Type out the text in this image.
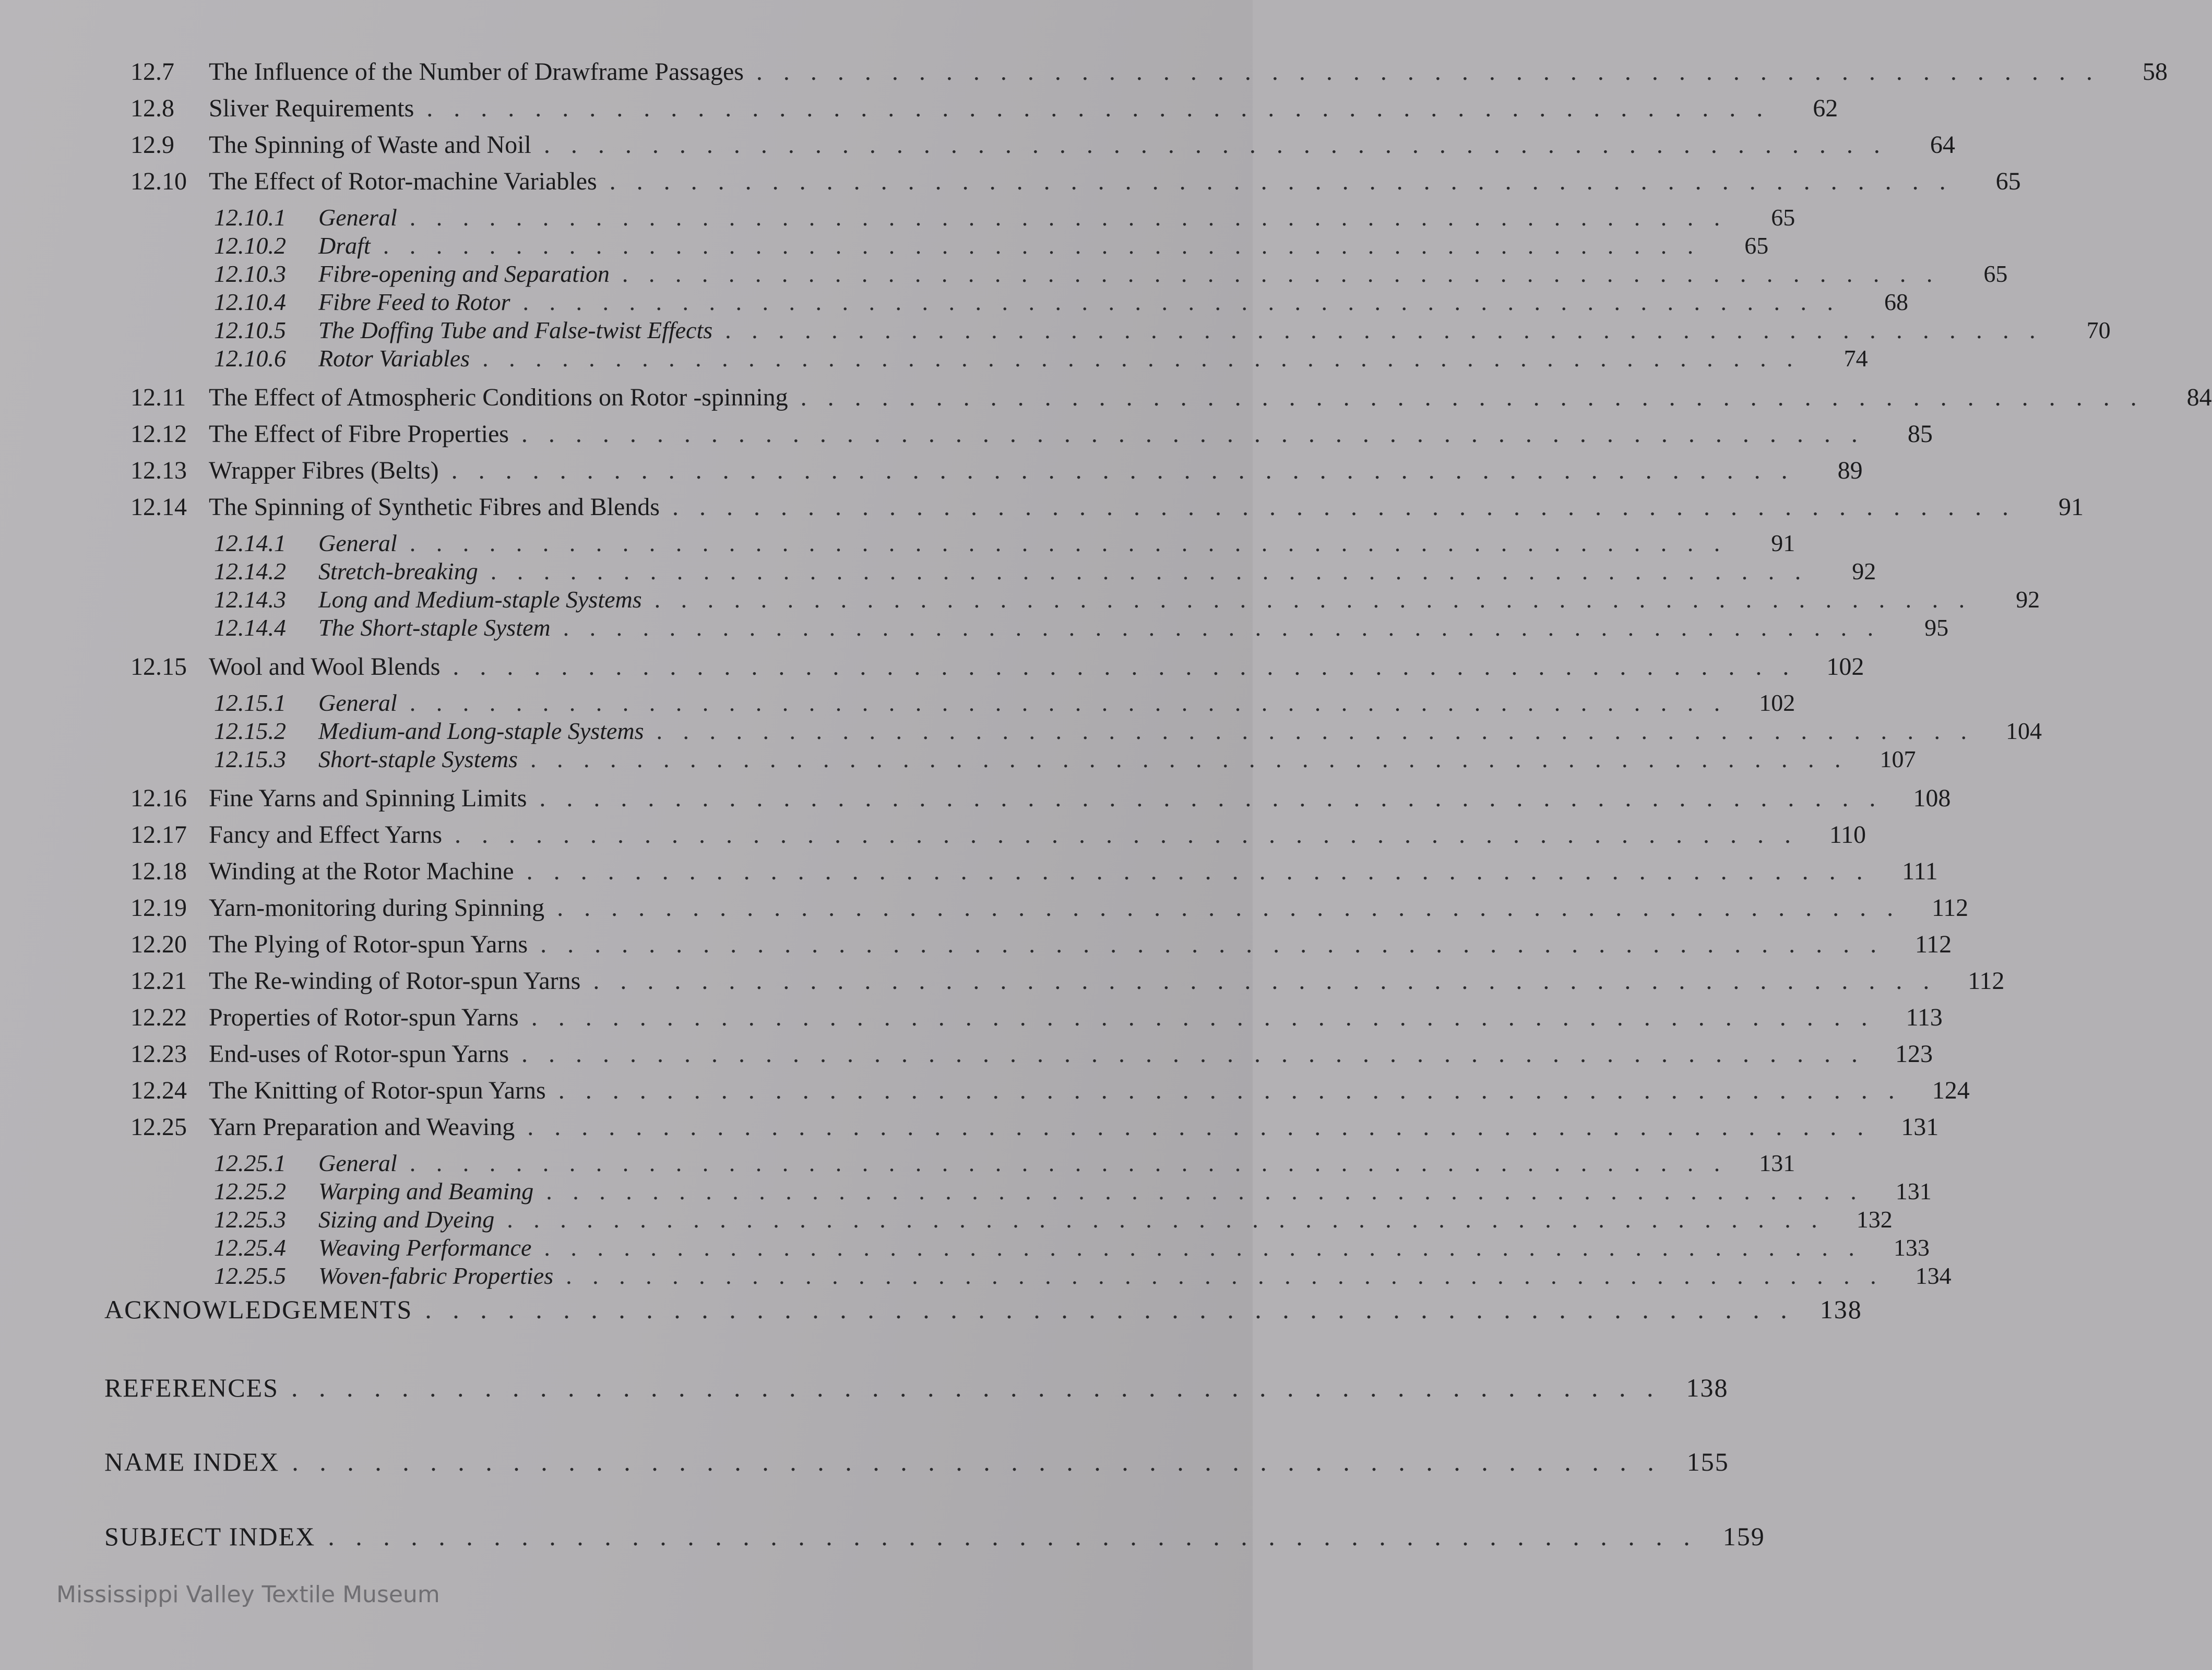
12.7	The Influence of the Number of Drawframe Passages . . . . . . . . . . . . . . . . . . . . . . . . . . . . . . . . . . . . . . . . . . . . . . . . . .	58
12.8	Sliver Requirements . . . . . . . . . . . . . . . . . . . . . . . . . . . . . . . . . . . . . . . . . . . . . . . . . .	62
12.9	The Spinning of Waste and Noil . . . . . . . . . . . . . . . . . . . . . . . . . . . . . . . . . . . . . . . . . . . . . . . . . .	64
12.10 The Effect of Rotor-machine Variables . . . . . . . . . . . . . . . . . . . . . . . . . . . . . . . . . . . . . . . . . . . . . . . . . .	65
12.10.1	General . . . . . . . . . . . . . . . . . . . . . . . . . . . . . . . . . . . . . . . . . . . . . . . . . .	65
12.10.2	Draft . . . . . . . . . . . . . . . . . . . . . . . . . . . . . . . . . . . . . . . . . . . . . . . . . .	65
12.10.3	Fibre-opening and Separation . . . . . . . . . . . . . . . . . . . . . . . . . . . . . . . . . . . . . . . . . . . . . . . . . .	65
12.10.4	Fibre Feed to Rotor . . . . . . . . . . . . . . . . . . . . . . . . . . . . . . . . . . . . . . . . . . . . . . . . . .	68
12.10.5	The Doffing Tube and False-twist Effects . . . . . . . . . . . . . . . . . . . . . . . . . . . . . . . . . . . . . . . . . . . . . . . . . .	70
12.10.6	Rotor Variables . . . . . . . . . . . . . . . . . . . . . . . . . . . . . . . . . . . . . . . . . . . . . . . . . .	74
12.11 The Effect of Atmospheric Conditions on Rotor -spinning . . . . . . . . . . . . . . . . . . . . . . . . . . . . . . . . . . . . . . . . . . . . . . . . . .	84
12.12 The Effect of Fibre Properties . . . . . . . . . . . . . . . . . . . . . . . . . . . . . . . . . . . . . . . . . . . . . . . . . .	85
12.13 Wrapper Fibres (Belts) . . . . . . . . . . . . . . . . . . . . . . . . . . . . . . . . . . . . . . . . . . . . . . . . . .	89
12.14 The Spinning of Synthetic Fibres and Blends . . . . . . . . . . . . . . . . . . . . . . . . . . . . . . . . . . . . . . . . . . . . . . . . . .	91
12.14.1	General . . . . . . . . . . . . . . . . . . . . . . . . . . . . . . . . . . . . . . . . . . . . . . . . . .	91
12.14.2	Stretch-breaking . . . . . . . . . . . . . . . . . . . . . . . . . . . . . . . . . . . . . . . . . . . . . . . . . .	92
12.14.3	Long and Medium-staple Systems . . . . . . . . . . . . . . . . . . . . . . . . . . . . . . . . . . . . . . . . . . . . . . . . . .	92
12.14.4	The Short-staple System . . . . . . . . . . . . . . . . . . . . . . . . . . . . . . . . . . . . . . . . . . . . . . . . . .	95
12.15 Wool and Wool Blends . . . . . . . . . . . . . . . . . . . . . . . . . . . . . . . . . . . . . . . . . . . . . . . . . .	102
12.15.1	General . . . . . . . . . . . . . . . . . . . . . . . . . . . . . . . . . . . . . . . . . . . . . . . . . .	102
12.15.2	Medium-and Long-staple Systems . . . . . . . . . . . . . . . . . . . . . . . . . . . . . . . . . . . . . . . . . . . . . . . . . .	104
12.15.3	Short-staple Systems . . . . . . . . . . . . . . . . . . . . . . . . . . . . . . . . . . . . . . . . . . . . . . . . . .	107
12.16 Fine Yarns and Spinning Limits . . . . . . . . . . . . . . . . . . . . . . . . . . . . . . . . . . . . . . . . . . . . . . . . . .	108
12.17 Fancy and Effect Yarns . . . . . . . . . . . . . . . . . . . . . . . . . . . . . . . . . . . . . . . . . . . . . . . . . .	110
12.18 Winding at the Rotor Machine . . . . . . . . . . . . . . . . . . . . . . . . . . . . . . . . . . . . . . . . . . . . . . . . . .	111
12.19 Yarn-monitoring during Spinning . . . . . . . . . . . . . . . . . . . . . . . . . . . . . . . . . . . . . . . . . . . . . . . . . .	112
12.20 The Plying of Rotor-spun Yarns . . . . . . . . . . . . . . . . . . . . . . . . . . . . . . . . . . . . . . . . . . . . . . . . . .	112
12.21 The Re-winding of Rotor-spun Yarns . . . . . . . . . . . . . . . . . . . . . . . . . . . . . . . . . . . . . . . . . . . . . . . . . .	112
12.22 Properties of Rotor-spun Yarns . . . . . . . . . . . . . . . . . . . . . . . . . . . . . . . . . . . . . . . . . . . . . . . . . .	113
12.23 End-uses of Rotor-spun Yarns . . . . . . . . . . . . . . . . . . . . . . . . . . . . . . . . . . . . . . . . . . . . . . . . . .	123
12.24 The Knitting of Rotor-spun Yarns . . . . . . . . . . . . . . . . . . . . . . . . . . . . . . . . . . . . . . . . . . . . . . . . . .	124
12.25 Yarn Preparation and Weaving . . . . . . . . . . . . . . . . . . . . . . . . . . . . . . . . . . . . . . . . . . . . . . . . . .	131
12.25.1	General . . . . . . . . . . . . . . . . . . . . . . . . . . . . . . . . . . . . . . . . . . . . . . . . . .	131
12.25.2	Warping and Beaming . . . . . . . . . . . . . . . . . . . . . . . . . . . . . . . . . . . . . . . . . . . . . . . . . .	131
12.25.3	Sizing and Dyeing . . . . . . . . . . . . . . . . . . . . . . . . . . . . . . . . . . . . . . . . . . . . . . . . . .	132
12.25.4	Weaving Performance . . . . . . . . . . . . . . . . . . . . . . . . . . . . . . . . . . . . . . . . . . . . . . . . . .	133
12.25.5	Woven-fabric Properties . . . . . . . . . . . . . . . . . . . . . . . . . . . . . . . . . . . . . . . . . . . . . . . . . .	134
ACKNOWLEDGEMENTS . . . . . . . . . . . . . . . . . . . . . . . . . . . . . . . . . . . . . . . . . . . . . . . . . . 138
REFERENCES . . . . . . . . . . . . . . . . . . . . . . . . . . . . . . . . . . . . . . . . . . . . . . . . . . 138
NAME INDEX . . . . . . . . . . . . . . . . . . . . . . . . . . . . . . . . . . . . . . . . . . . . . . . . . . 155
SUBJECT INDEX . . . . . . . . . . . . . . . . . . . . . . . . . . . . . . . . . . . . . . . . . . . . . . . . . . 159
Mississippi Valley Textile Museum
